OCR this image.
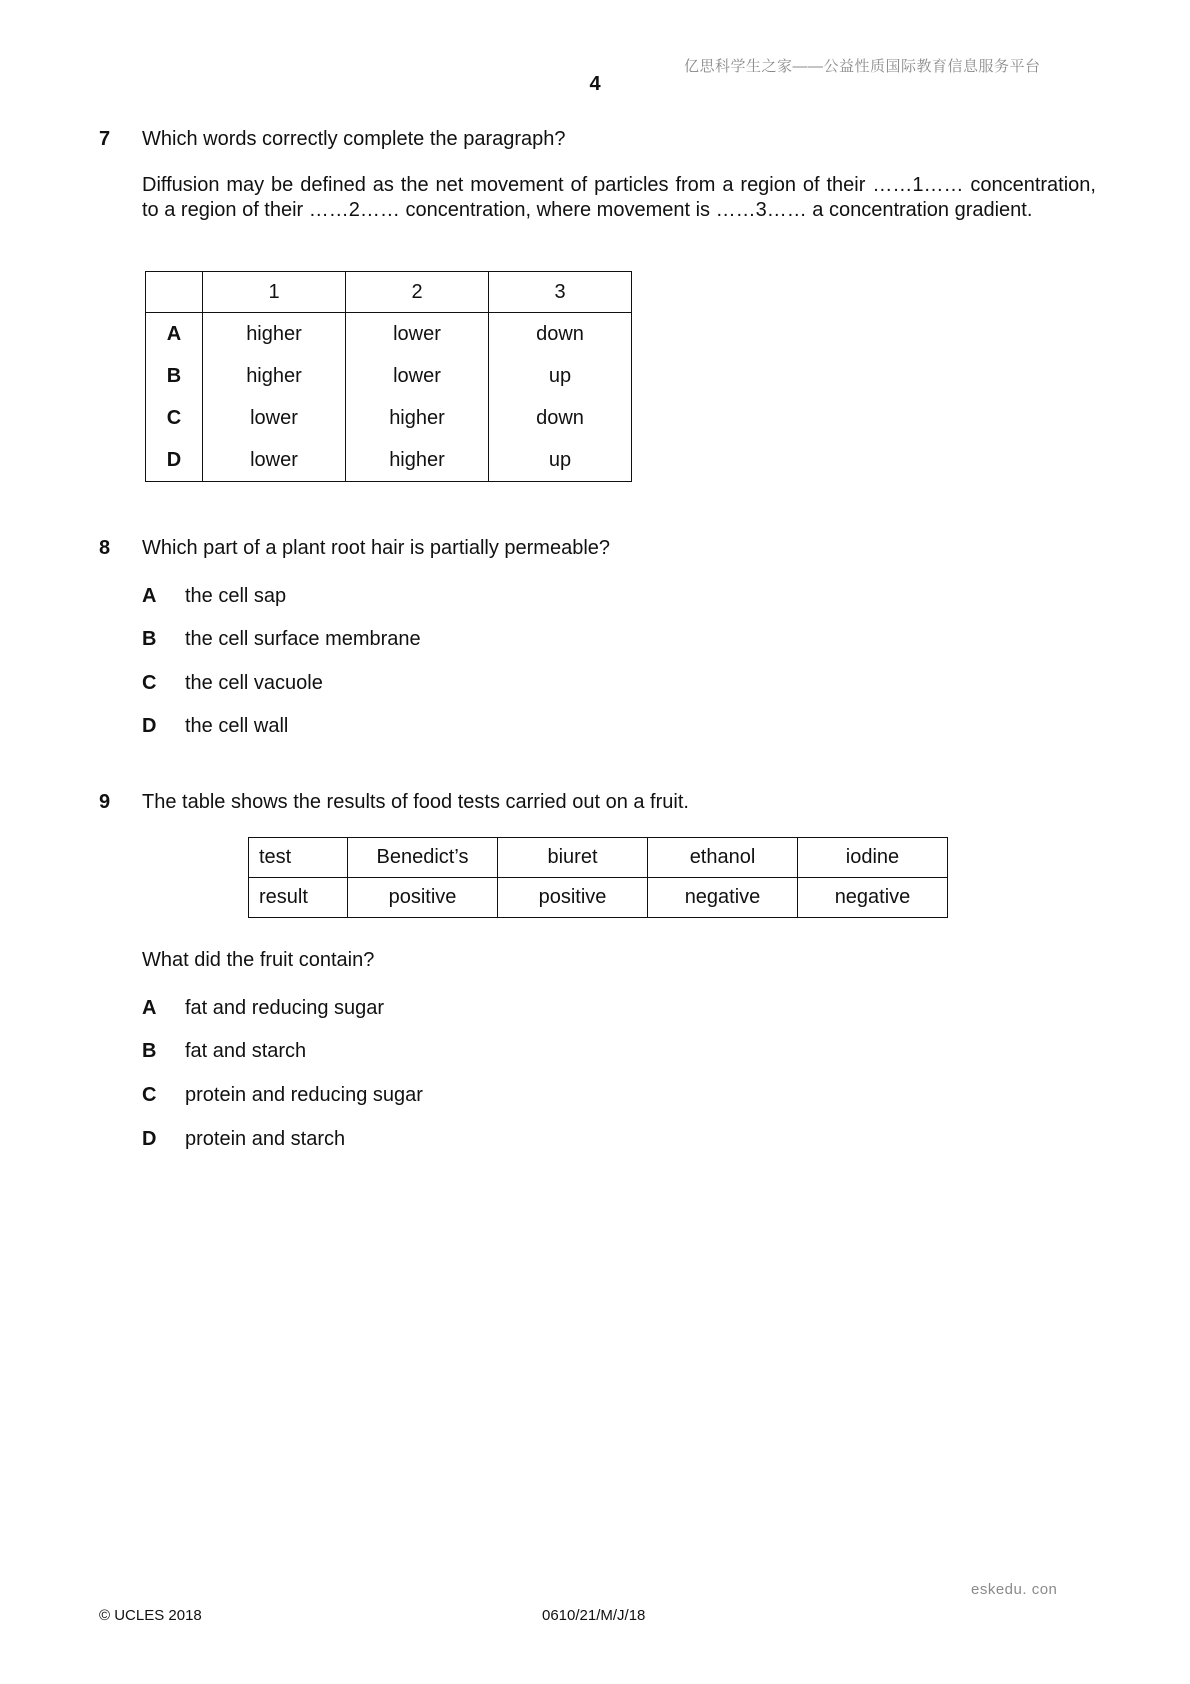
亿思科学生之家——公益性质国际教育信息服务平台
4
7 Which words correctly complete the paragraph?
Diffusion may be defined as the net movement of particles from a region of their ……1…… concentration, to a region of their ……2…… concentration, where movement is ……3…… a concentration gradient.
	1	2	3
A	higher	lower	down
B	higher	lower	up
C	lower	higher	down
D	lower	higher	up
8 Which part of a plant root hair is partially permeable?
A the cell sap
B the cell surface membrane
C the cell vacuole
D the cell wall
9 The table shows the results of food tests carried out on a fruit.
test	Benedict’s	biuret	ethanol	iodine
result	positive	positive	negative	negative
What did the fruit contain?
A fat and reducing sugar
B fat and starch
C protein and reducing sugar
D protein and starch
eskedu. con
© UCLES 2018	0610/21/M/J/18
